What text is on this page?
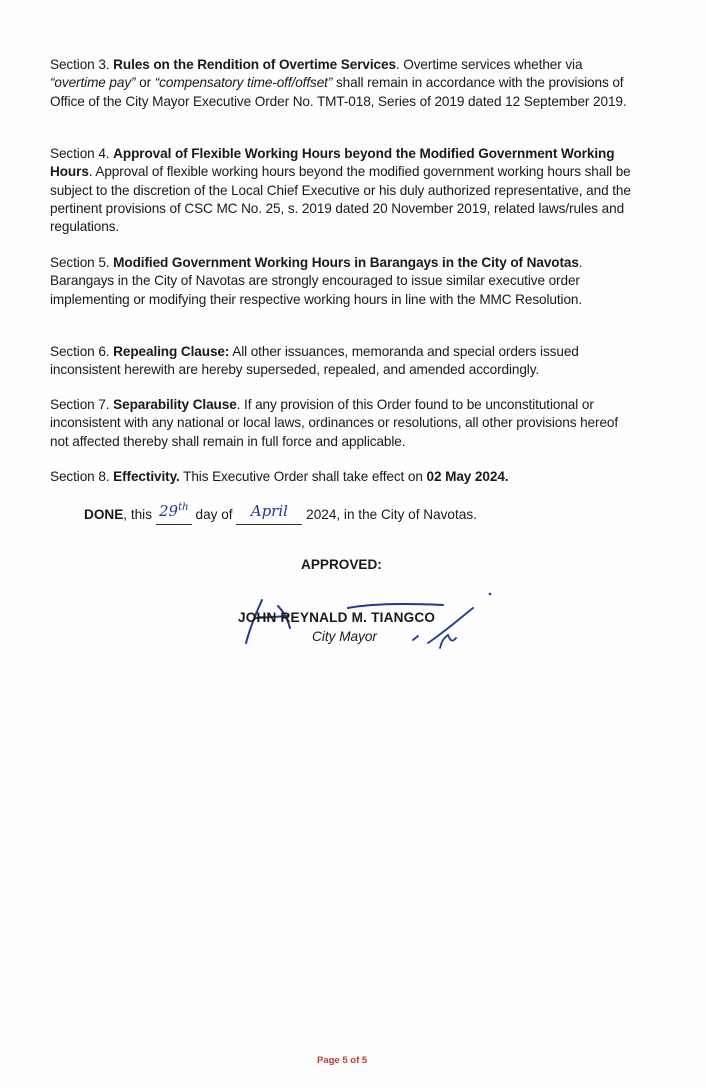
Section 3. Rules on the Rendition of Overtime Services. Overtime services whether via “overtime pay” or “compensatory time-off/offset” shall remain in accordance with the provisions of Office of the City Mayor Executive Order No. TMT-018, Series of 2019 dated 12 September 2019.
Section 4. Approval of Flexible Working Hours beyond the Modified Government Working Hours. Approval of flexible working hours beyond the modified government working hours shall be subject to the discretion of the Local Chief Executive or his duly authorized representative, and the pertinent provisions of CSC MC No. 25, s. 2019 dated 20 November 2019, related laws/rules and regulations.
Section 5. Modified Government Working Hours in Barangays in the City of Navotas. Barangays in the City of Navotas are strongly encouraged to issue similar executive order implementing or modifying their respective working hours in line with the MMC Resolution.
Section 6. Repealing Clause: All other issuances, memoranda and special orders issued inconsistent herewith are hereby superseded, repealed, and amended accordingly.
Section 7. Separability Clause. If any provision of this Order found to be unconstitutional or inconsistent with any national or local laws, ordinances or resolutions, all other provisions hereof not affected thereby shall remain in full force and applicable.
Section 8. Effectivity. This Executive Order shall take effect on 02 May 2024.
DONE, this 29th day of April 2024, in the City of Navotas.
APPROVED:
JOHN REYNALD M. TIANGCO
City Mayor
Page 5 of 5
